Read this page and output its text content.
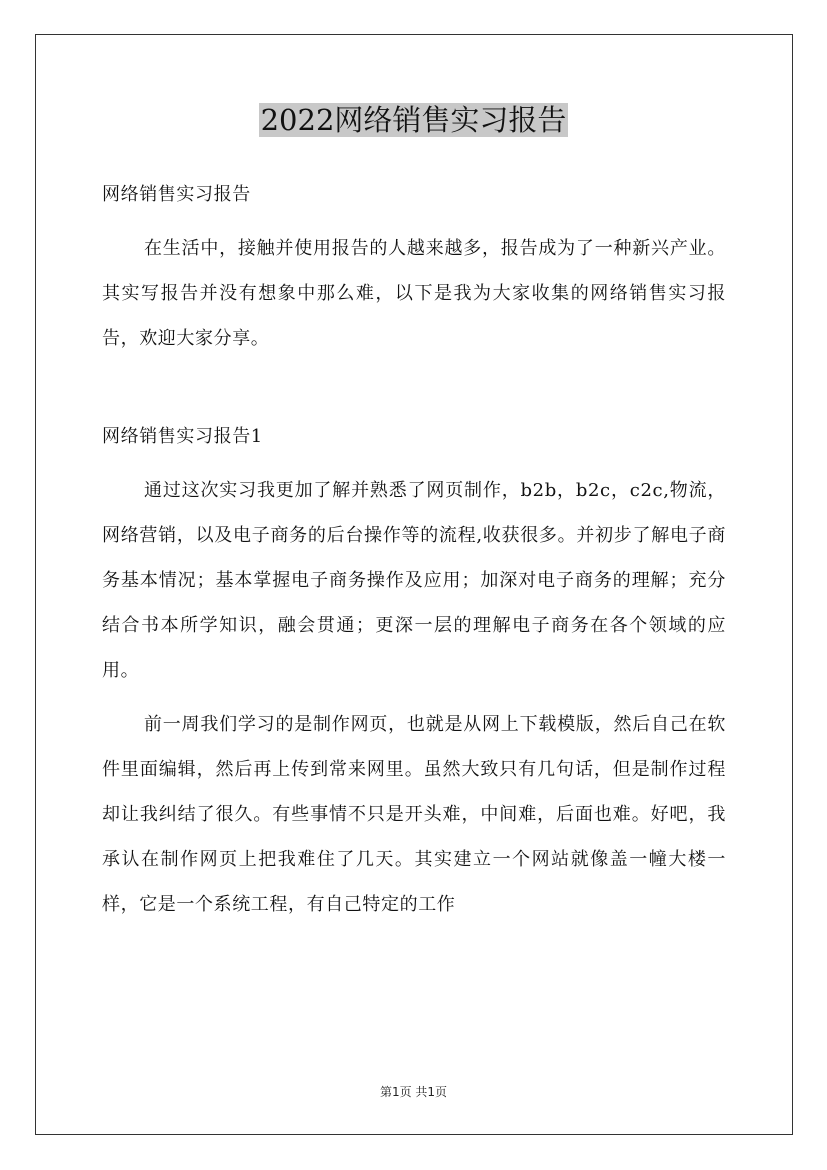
2022网络销售实习报告

网络销售实习报告

在生活中，接触并使用报告的人越来越多，报告成为了一种新兴产业。其实写报告并没有想象中那么难，以下是我为大家收集的网络销售实习报告，欢迎大家分享。

网络销售实习报告1

通过这次实习我更加了解并熟悉了网页制作，b2b，b2c，c2c,物流，网络营销，以及电子商务的后台操作等的流程,收获很多。并初步了解电子商务基本情况；基本掌握电子商务操作及应用；加深对电子商务的理解；充分结合书本所学知识，融会贯通；更深一层的理解电子商务在各个领域的应用。

前一周我们学习的是制作网页，也就是从网上下载模版，然后自己在软件里面编辑，然后再上传到常来网里。虽然大致只有几句话，但是制作过程却让我纠结了很久。有些事情不只是开头难，中间难，后面也难。好吧，我承认在制作网页上把我难住了几天。其实建立一个网站就像盖一幢大楼一样，它是一个系统工程，有自己特定的工作

第1页 共1页
